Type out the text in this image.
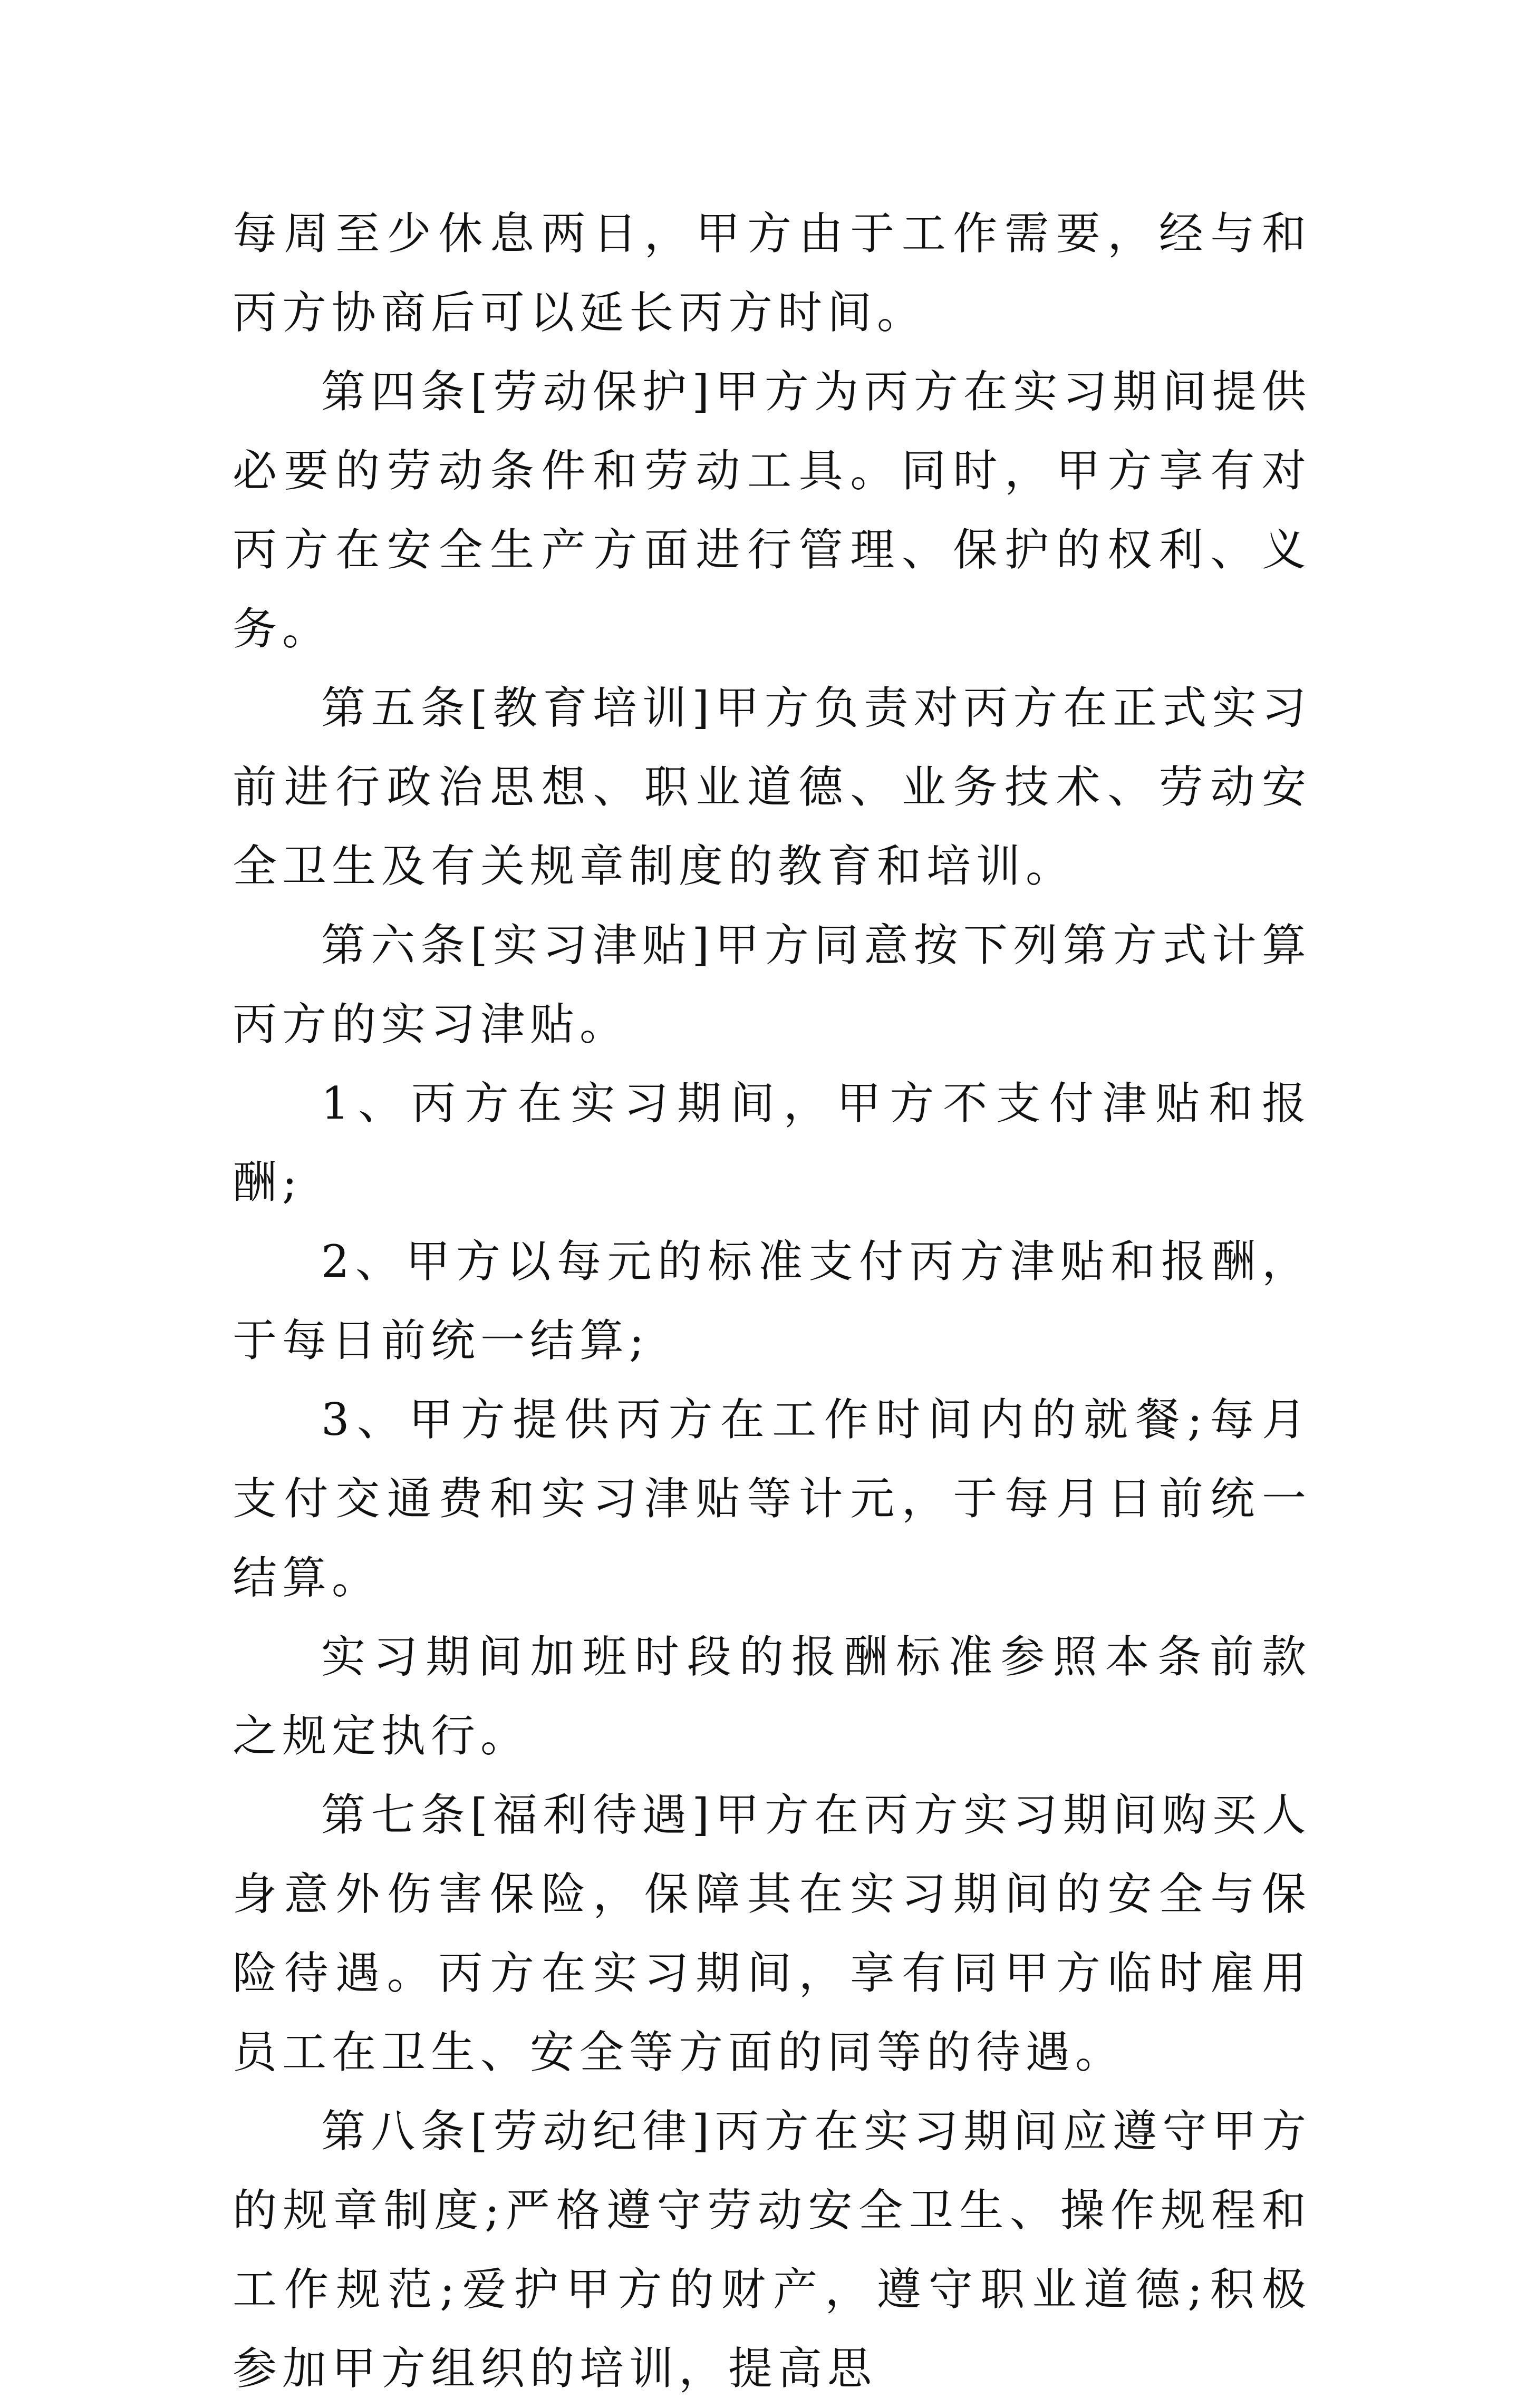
每周至少休息两日，甲方由于工作需要，经与和丙方协商后可以延长丙方时间。

第四条[劳动保护]甲方为丙方在实习期间提供必要的劳动条件和劳动工具。同时，甲方享有对丙方在安全生产方面进行管理、保护的权利、义务。

第五条[教育培训]甲方负责对丙方在正式实习前进行政治思想、职业道德、业务技术、劳动安全卫生及有关规章制度的教育和培训。

第六条[实习津贴]甲方同意按下列第方式计算丙方的实习津贴。

1、丙方在实习期间，甲方不支付津贴和报酬;

2、甲方以每元的标准支付丙方津贴和报酬，于每日前统一结算;

3、甲方提供丙方在工作时间内的就餐;每月支付交通费和实习津贴等计元，于每月日前统一结算。

实习期间加班时段的报酬标准参照本条前款之规定执行。

第七条[福利待遇]甲方在丙方实习期间购买人身意外伤害保险，保障其在实习期间的安全与保险待遇。丙方在实习期间，享有同甲方临时雇用员工在卫生、安全等方面的同等的待遇。

第八条[劳动纪律]丙方在实习期间应遵守甲方的规章制度;严格遵守劳动安全卫生、操作规程和工作规范;爱护甲方的财产，遵守职业道德;积极参加甲方组织的培训，提高思
